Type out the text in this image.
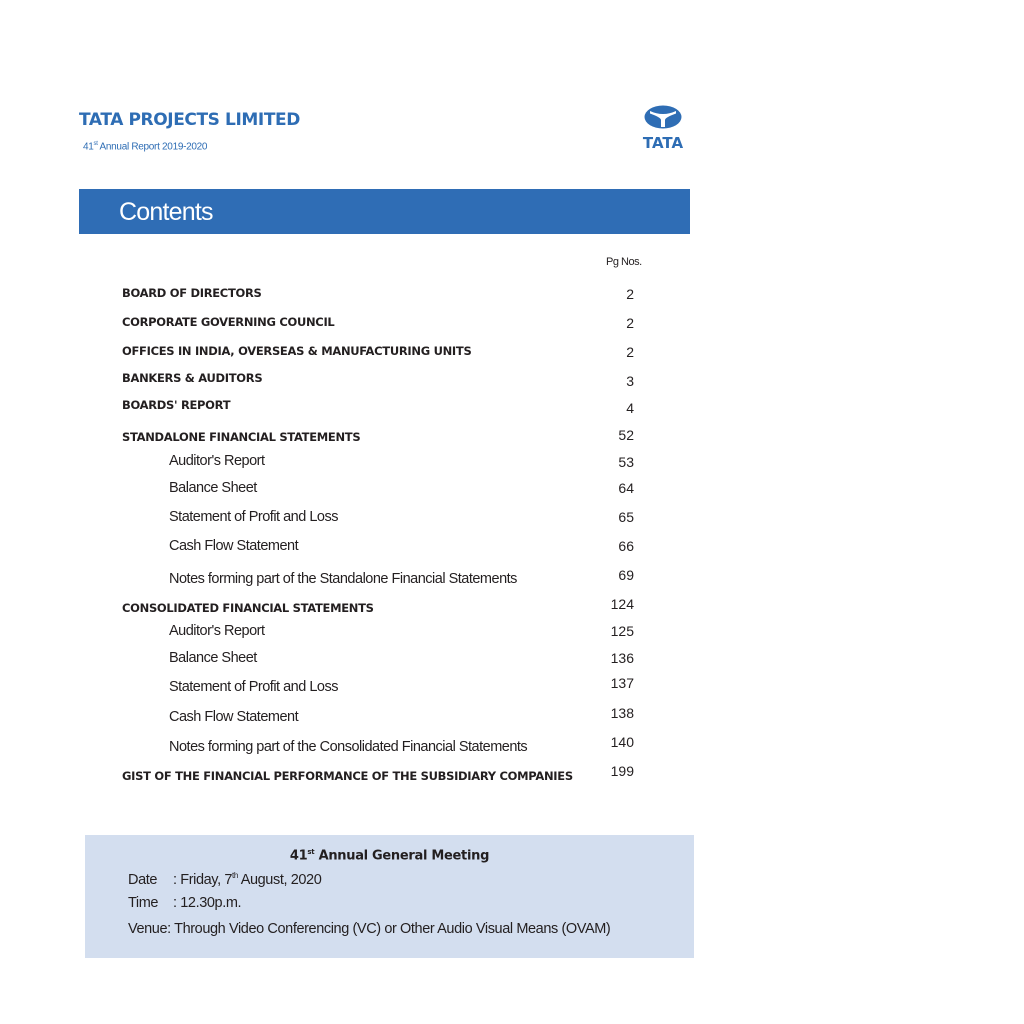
TATA PROJECTS LIMITED
41st Annual Report 2019-2020	TATA
Contents
Pg Nos.
BOARD OF DIRECTORS	2
CORPORATE GOVERNING COUNCIL	2
OFFICES IN INDIA, OVERSEAS & MANUFACTURING UNITS	2
BANKERS & AUDITORS	3
BOARDS' REPORT	4
STANDALONE FINANCIAL STATEMENTS	52
Auditor's Report	53
Balance Sheet	64
Statement of Profit and Loss	65
Cash Flow Statement	66
Notes forming part of the Standalone Financial Statements	69
CONSOLIDATED FINANCIAL STATEMENTS	124
Auditor's Report	125
Balance Sheet	136
Statement of Profit and Loss	137
Cash Flow Statement	138
Notes forming part of the Consolidated Financial Statements	140
GIST OF THE FINANCIAL PERFORMANCE OF THE SUBSIDIARY COMPANIES	199
41st Annual General Meeting
Date : Friday, 7th August, 2020
Time : 12.30p.m.
Venue: Through Video Conferencing (VC) or Other Audio Visual Means (OVAM)
